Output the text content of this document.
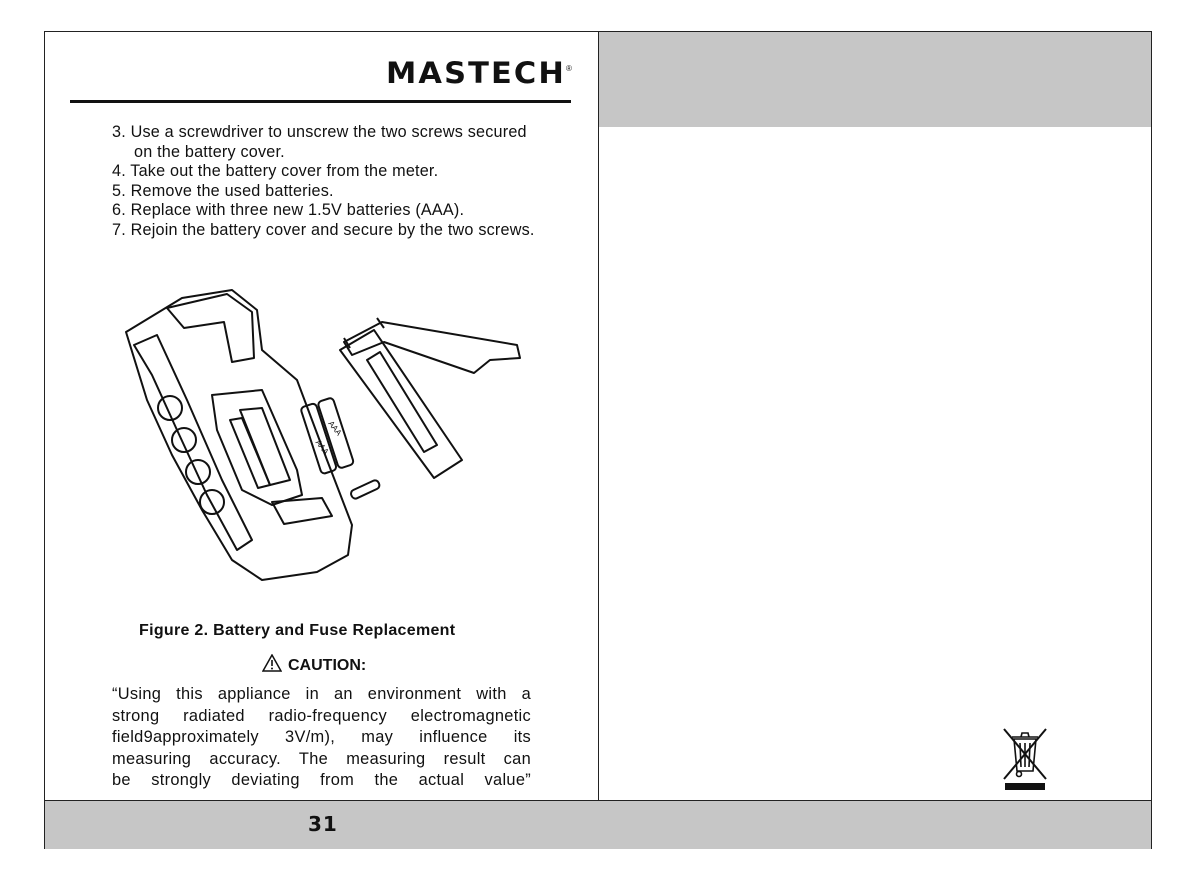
MASTECH ®
3. Use a screwdriver to unscrew the two screws secured on the battery cover.
4. Take out the battery cover from the meter.
5. Remove the used batteries.
6. Replace with three new 1.5V batteries (AAA).
7. Rejoin the battery cover and secure by the two screws.
AAA
AAA
Figure 2. Battery and Fuse Replacement
CAUTION:
“Using this appliance in an environment with a
strong radiated radio-frequency electromagnetic
field9approximately 3V/m), may influence its
measuring accuracy. The measuring result can
be strongly deviating from the actual value”
31
